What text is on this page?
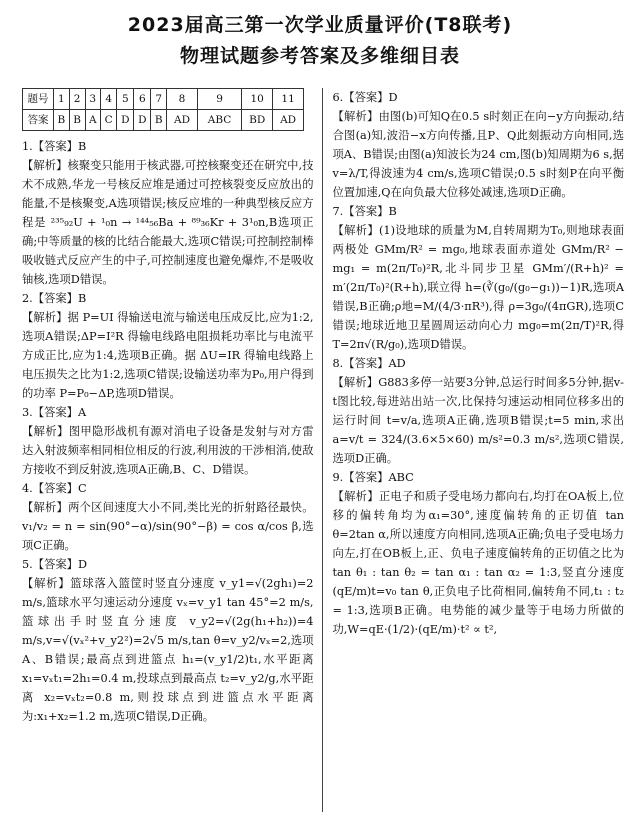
2023届高三第一次学业质量评价(T8联考)
物理试题参考答案及多维细目表
题号	1	2	3	4	5	6	7	8	9	10	11
答案	B	B	A	C	D	D	B	AD	ABC	BD	AD

1.【答案】B

【解析】核聚变只能用于核武器,可控核聚变还在研究中,技术不成熟,华龙一号核反应堆是通过可控核裂变反应放出的能量,不是核聚变,A选项错误;核反应堆的一种典型核反应方程是 ²³⁵₉₂U + ¹₀n → ¹⁴⁴₅₆Ba + ⁸⁹₃₆Kr + 3¹₀n,B选项正确;中等质量的核的比结合能最大,选项C错误;可控制控制棒吸收链式反应产生的中子,可控制速度也避免爆炸,不是吸收铀核,选项D错误。

2.【答案】B

【解析】据 P=UI 得输送电流与输送电压成反比,应为1:2,选项A错误;ΔP=I²R 得输电线路电阻损耗功率比与电流平方成正比,应为1:4,选项B正确。据 ΔU=IR 得输电线路上电压损失之比为1:2,选项C错误;设输送功率为P₀,用户得到的功率 P=P₀−ΔP,选项D错误。

3.【答案】A

【解析】图甲隐形战机有源对消电子设备是发射与对方雷达入射波频率相同相位相反的行波,利用波的干涉相消,使敌方接收不到反射波,选项A正确,B、C、D错误。

4.【答案】C

【解析】两个区间速度大小不同,类比光的折射路径最快。v₁/v₂ = n = sin(90°−α)/sin(90°−β) = cos α/cos β,选项C正确。

5.【答案】D

【解析】篮球落入篮筐时竖直分速度 v_y1=√(2gh₁)=2 m/s,篮球水平匀速运动分速度 vₓ=v_y1 tan 45°=2 m/s,篮球出手时竖直分速度 v_y2=√(2g(h₁+h₂))=4 m/s,v=√(vₓ²+v_y2²)=2√5 m/s,tan θ=v_y2/vₓ=2,选项A、B错误;最高点到进篮点 h₁=(v_y1/2)t₁,水平距离 x₁=vₓt₁=2h₁=0.4 m,投球点到最高点 t₂=v_y2/g,水平距离 x₂=vₓt₂=0.8 m,则投球点到进篮点水平距离为:x₁+x₂=1.2 m,选项C错误,D正确。

6.【答案】D

【解析】由图(b)可知Q在0.5 s时刻正在向−y方向振动,结合图(a)知,波沿−x方向传播,且P、Q此刻振动方向相同,选项A、B错误;由图(a)知波长为24 cm,图(b)知周期为6 s,据 v=λ/T,得波速为4 cm/s,选项C错误;0.5 s时刻P在向平衡位置加速,Q在向负最大位移处减速,选项D正确。

7.【答案】B

【解析】(1)设地球的质量为M,自转周期为T₀,则地球表面两极处 GMm/R² = mg₀,地球表面赤道处 GMm/R² − mg₁ = m(2π/T₀)²R,北斗同步卫星 GMm′/(R+h)² = m′(2π/T₀)²(R+h),联立得 h=(∛(g₀/(g₀−g₁))−1)R,选项A错误,B正确;ρ地=M/(4/3·πR³),得 ρ=3g₀/(4πGR),选项C错误;地球近地卫星圆周运动向心力 mg₀=m(2π/T)²R,得 T=2π√(R/g₀),选项D错误。

8.【答案】AD

【解析】G883多停一站要3分钟,总运行时间多5分钟,据v-t图比较,每进站出站一次,比保持匀速运动相同位移多出的运行时间 t=v/a,选项A正确,选项B错误;t=5 min,求出 a=v/t = 324/(3.6×5×60) m/s²=0.3 m/s²,选项C错误,选项D正确。

9.【答案】ABC

【解析】正电子和质子受电场力都向右,均打在OA板上,位移的偏转角均为α₁=30°,速度偏转角的正切值 tan θ=2tan α,所以速度方向相同,选项A正确;负电子受电场力向左,打在OB板上,正、负电子速度偏转角的正切值之比为 tan θ₁ : tan θ₂ = tan α₁ : tan α₂ = 1:3,竖直分速度 (qE/m)t=v₀ tan θ,正负电子比荷相同,偏转角不同,t₁ : t₂ = 1:3,选项B正确。电势能的减少量等于电场力所做的功,W=qE·(1/2)·(qE/m)·t² ∝ t²,
